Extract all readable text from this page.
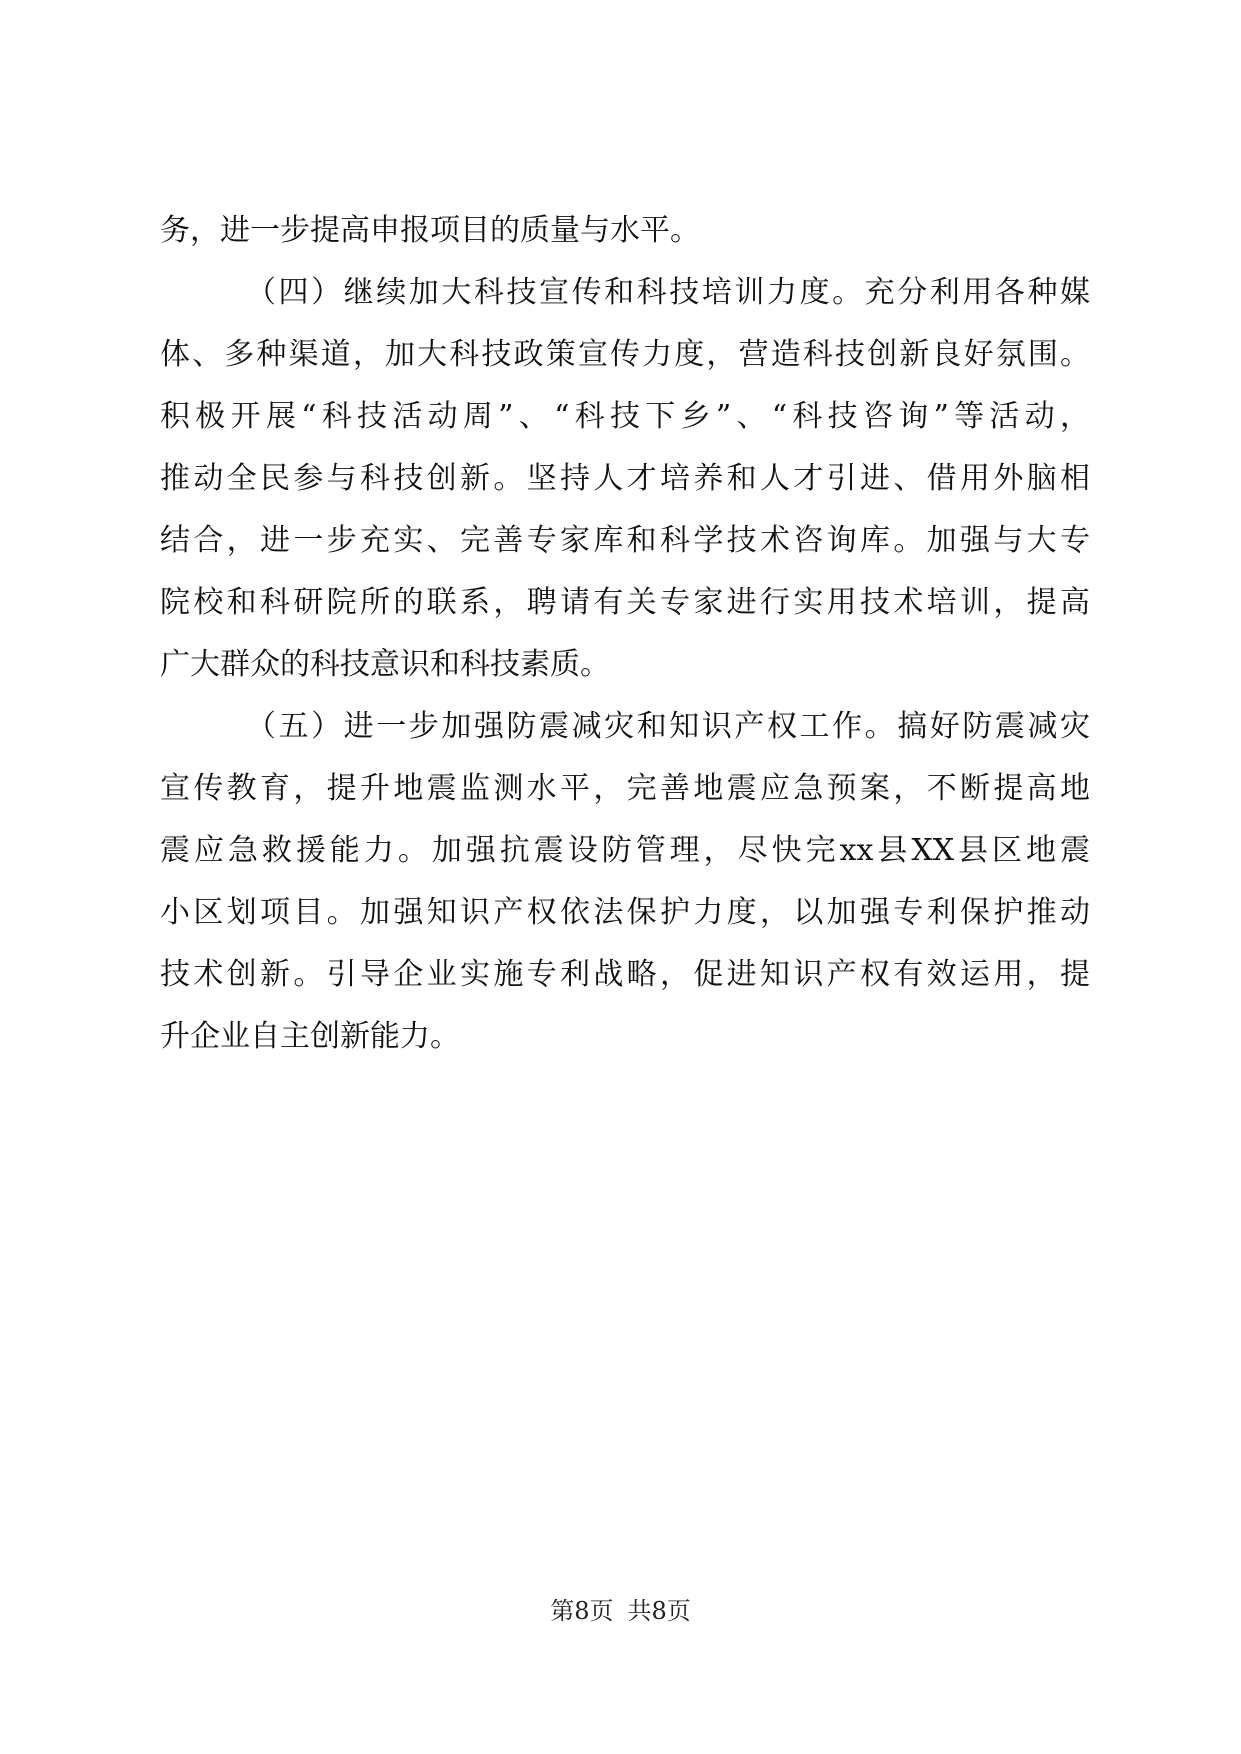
务，进一步提高申报项目的质量与水平。
（四）继续加大科技宣传和科技培训力度。充分利用各种媒
体、多种渠道，加大科技政策宣传力度，营造科技创新良好氛围。
积极开展“科技活动周”、“科技下乡”、“科技咨询”等活动，
推动全民参与科技创新。坚持人才培养和人才引进、借用外脑相
结合，进一步充实、完善专家库和科学技术咨询库。加强与大专
院校和科研院所的联系，聘请有关专家进行实用技术培训，提高
广大群众的科技意识和科技素质。
（五）进一步加强防震减灾和知识产权工作。搞好防震减灾
宣传教育，提升地震监测水平，完善地震应急预案，不断提高地
震应急救援能力。加强抗震设防管理，尽快完xx县XX县区地震
小区划项目。加强知识产权依法保护力度，以加强专利保护推动
技术创新。引导企业实施专利战略，促进知识产权有效运用，提
升企业自主创新能力。
第8页 共8页
